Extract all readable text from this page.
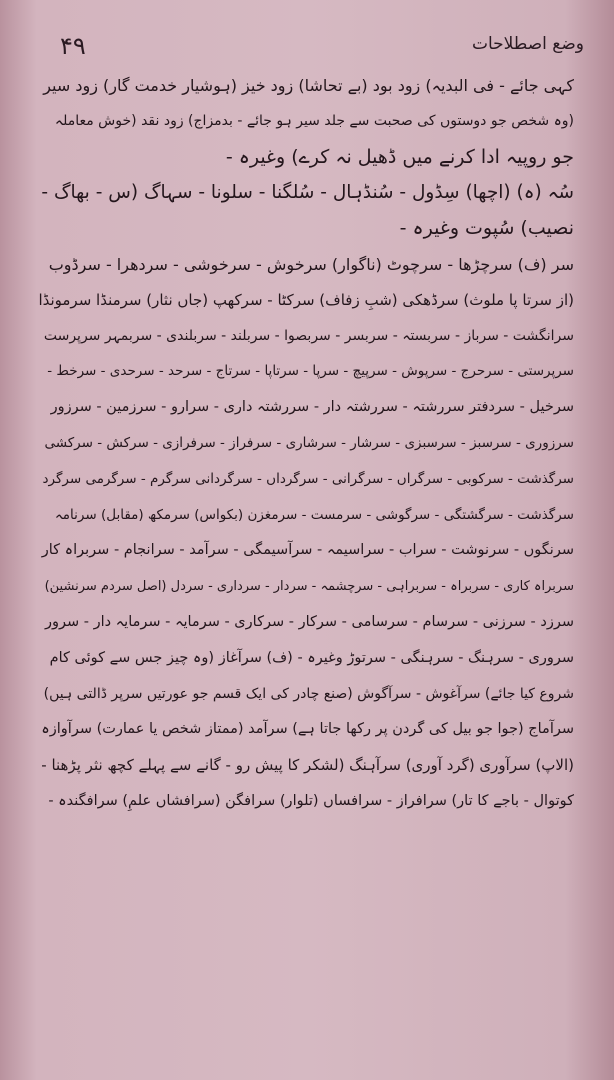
۴۹	وضع اصطلاحات
کہی جائے - فی البدیہ) زود بود (بے تحاشا) زود خیز (ہوشیار خدمت گار) زود سیر
(وہ شخص جو دوستوں کی صحبت سے جلد سیر ہو جائے - بدمزاج) زود نقد (خوش معاملہ
جو روپیہ ادا کرنے میں ڈھیل نہ کرے) وغیرہ -
سُہ (ہ) (اچھا) سِڈول - سُنڈہال - سُلگنا - سلونا - سہاگ (س - بھاگ -
نصیب) سُپوت وغیرہ -
سر (ف) سرچڑھا - سرچوٹ (ناگوار) سرخوش - سرخوشی - سردھرا - سرڈوب
(از سرتا پا ملوث) سرڈھکی (شبِ زفاف) سرکٹا - سرکھپ (جاں نثار) سرمنڈا سرمونڈا
سرانگشت - سرباز - سربستہ - سربسر - سربصوا - سربلند - سربلندی - سربمہر سرپرست
سرپرستی - سرحرج - سرپوش - سرپیچ - سرپا - سرتاپا - سرتاج - سرحد - سرحدی - سرخط -
سرخیل - سردفتر سررشتہ - سررشتہ دار - سررشتہ داری - سرارو - سرزمین - سرزور
سرزوری - سرسبز - سرسبزی - سرشار - سرشاری - سرفراز - سرفرازی - سرکش - سرکشی
سرگذشت - سرکوبی - سرگراں - سرگرانی - سرگرداں - سرگردانی سرگرم - سرگرمی سرگرد
سرگذشت - سرگشتگی - سرگوشی - سرمست - سرمغزن (بکواس) سرمکھ (مقابل) سرنامہ
سرنگوں - سرنوشت - سراب - سراسیمہ - سرآسیمگی - سرآمد - سرانجام - سربراہ کار
سربراہ کاری - سربراہ - سربراہی - سرچشمہ - سردار - سرداری - سردل (اصل سردم سرنشین)
سرزد - سرزنی - سرسام - سرسامی - سرکار - سرکاری - سرمایہ - سرمایہ دار - سرور
سروری - سرہنگ - سرہنگی - سرتوڑ وغیرہ - (ف) سرآغاز (وہ چیز جس سے کوئی کام
شروع کیا جائے) سرآغوش - سرآگوش (صنع چادر کی ایک قسم جو عورتیں سرپر ڈالتی ہیں)
سرآماج (جوا جو بیل کی گردن پر رکھا جاتا ہے) سرآمد (ممتاز شخص یا عمارت) سرآوازہ
(الاپ) سرآوری (گرد آوری) سرآہنگ (لشکر کا پیش رو - گانے سے پہلے کچھ نثر پڑھنا -
کوتوال - باجے کا تار) سرافراز - سرافساں (تلوار) سرافگن (سرافشاں علمِ) سرافگندہ -
